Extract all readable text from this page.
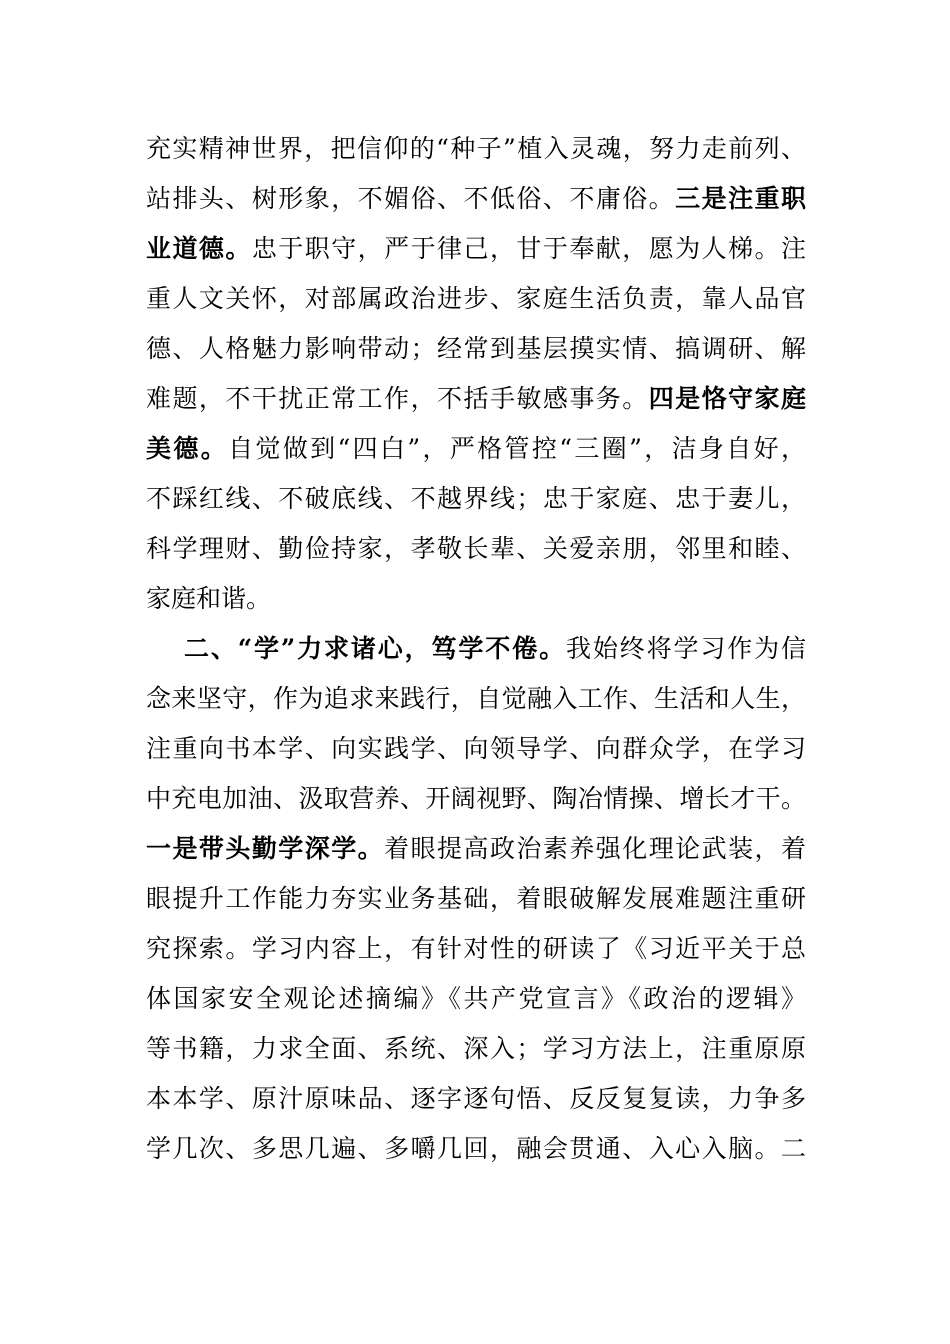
充实精神世界，把信仰的“种子”植入灵魂，努力走前列、
站排头、树形象，不媚俗、不低俗、不庸俗。三是注重职
业道德。忠于职守，严于律己，甘于奉献，愿为人梯。注
重人文关怀，对部属政治进步、家庭生活负责，靠人品官
德、人格魅力影响带动；经常到基层摸实情、搞调研、解
难题，不干扰正常工作，不括手敏感事务。四是恪守家庭
美德。自觉做到“四白”，严格管控“三圈”，洁身自好，
不踩红线、不破底线、不越界线；忠于家庭、忠于妻儿，
科学理财、勤俭持家，孝敬长辈、关爱亲朋，邻里和睦、
家庭和谐。
二、“学”力求诸心，笃学不倦。我始终将学习作为信
念来坚守，作为追求来践行，自觉融入工作、生活和人生，
注重向书本学、向实践学、向领导学、向群众学，在学习
中充电加油、汲取营养、开阔视野、陶冶情操、增长才干。
一是带头勤学深学。着眼提高政治素养强化理论武装，着
眼提升工作能力夯实业务基础，着眼破解发展难题注重研
究探索。学习内容上，有针对性的研读了《习近平关于总
体国家安全观论述摘编》《共产党宣言》《政治的逻辑》
等书籍，力求全面、系统、深入；学习方法上，注重原原
本本学、原汁原味品、逐字逐句悟、反反复复读，力争多
学几次、多思几遍、多嚼几回，融会贯通、入心入脑。二
